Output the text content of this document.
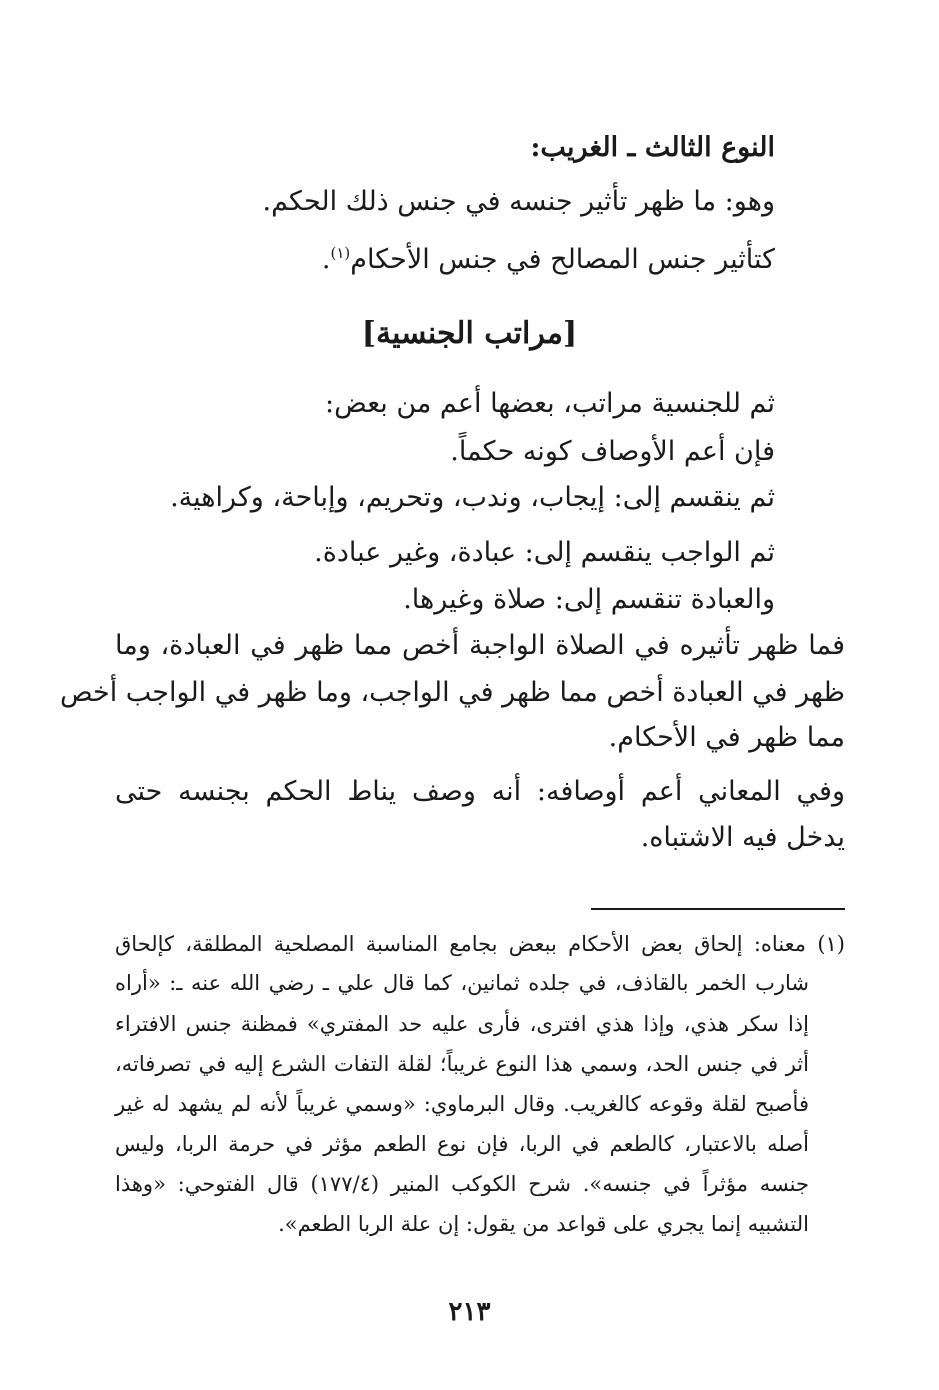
النوع الثالث ـ الغريب:
وهو: ما ظهر تأثير جنسه في جنس ذلك الحكم.
كتأثير جنس المصالح في جنس الأحكام$^{(١)}$.
[مراتب الجنسية]
ثم للجنسية مراتب، بعضها أعم من بعض:
فإن أعم الأوصاف كونه حكماً.
ثم ينقسم إلى: إيجاب، وندب، وتحريم، وإباحة، وكراهية.
ثم الواجب ينقسم إلى: عبادة، وغير عبادة.
والعبادة تنقسم إلى: صلاة وغيرها.
فما ظهر تأثيره في الصلاة الواجبة أخص مما ظهر في العبادة، وما
ظهر في العبادة أخص مما ظهر في الواجب، وما ظهر في الواجب أخص
مما ظهر في الأحكام.
وفي المعاني أعم أوصافه: أنه وصف يناط الحكم بجنسه حتى
يدخل فيه الاشتباه.
(١) معناه: إلحاق بعض الأحكام ببعض بجامع المناسبة المصلحية المطلقة، كإلحاق
شارب الخمر بالقاذف، في جلده ثمانين، كما قال علي ـ رضي الله عنه ـ: «أراه
إذا سكر هذي، وإذا هذي افترى، فأرى عليه حد المفتري» فمظنة جنس الافتراء
أثر في جنس الحد، وسمي هذا النوع غريباً؛ لقلة التفات الشرع إليه في تصرفاته،
فأصبح لقلة وقوعه كالغريب. وقال البرماوي: «وسمي غريباً لأنه لم يشهد له غير
أصله بالاعتبار، كالطعم في الربا، فإن نوع الطعم مؤثر في حرمة الربا، وليس
جنسه مؤثراً في جنسه». شرح الكوكب المنير (١٧٧/٤) قال الفتوحي: «وهذا
التشبيه إنما يجري على قواعد من يقول: إن علة الربا الطعم».
٢١٣
